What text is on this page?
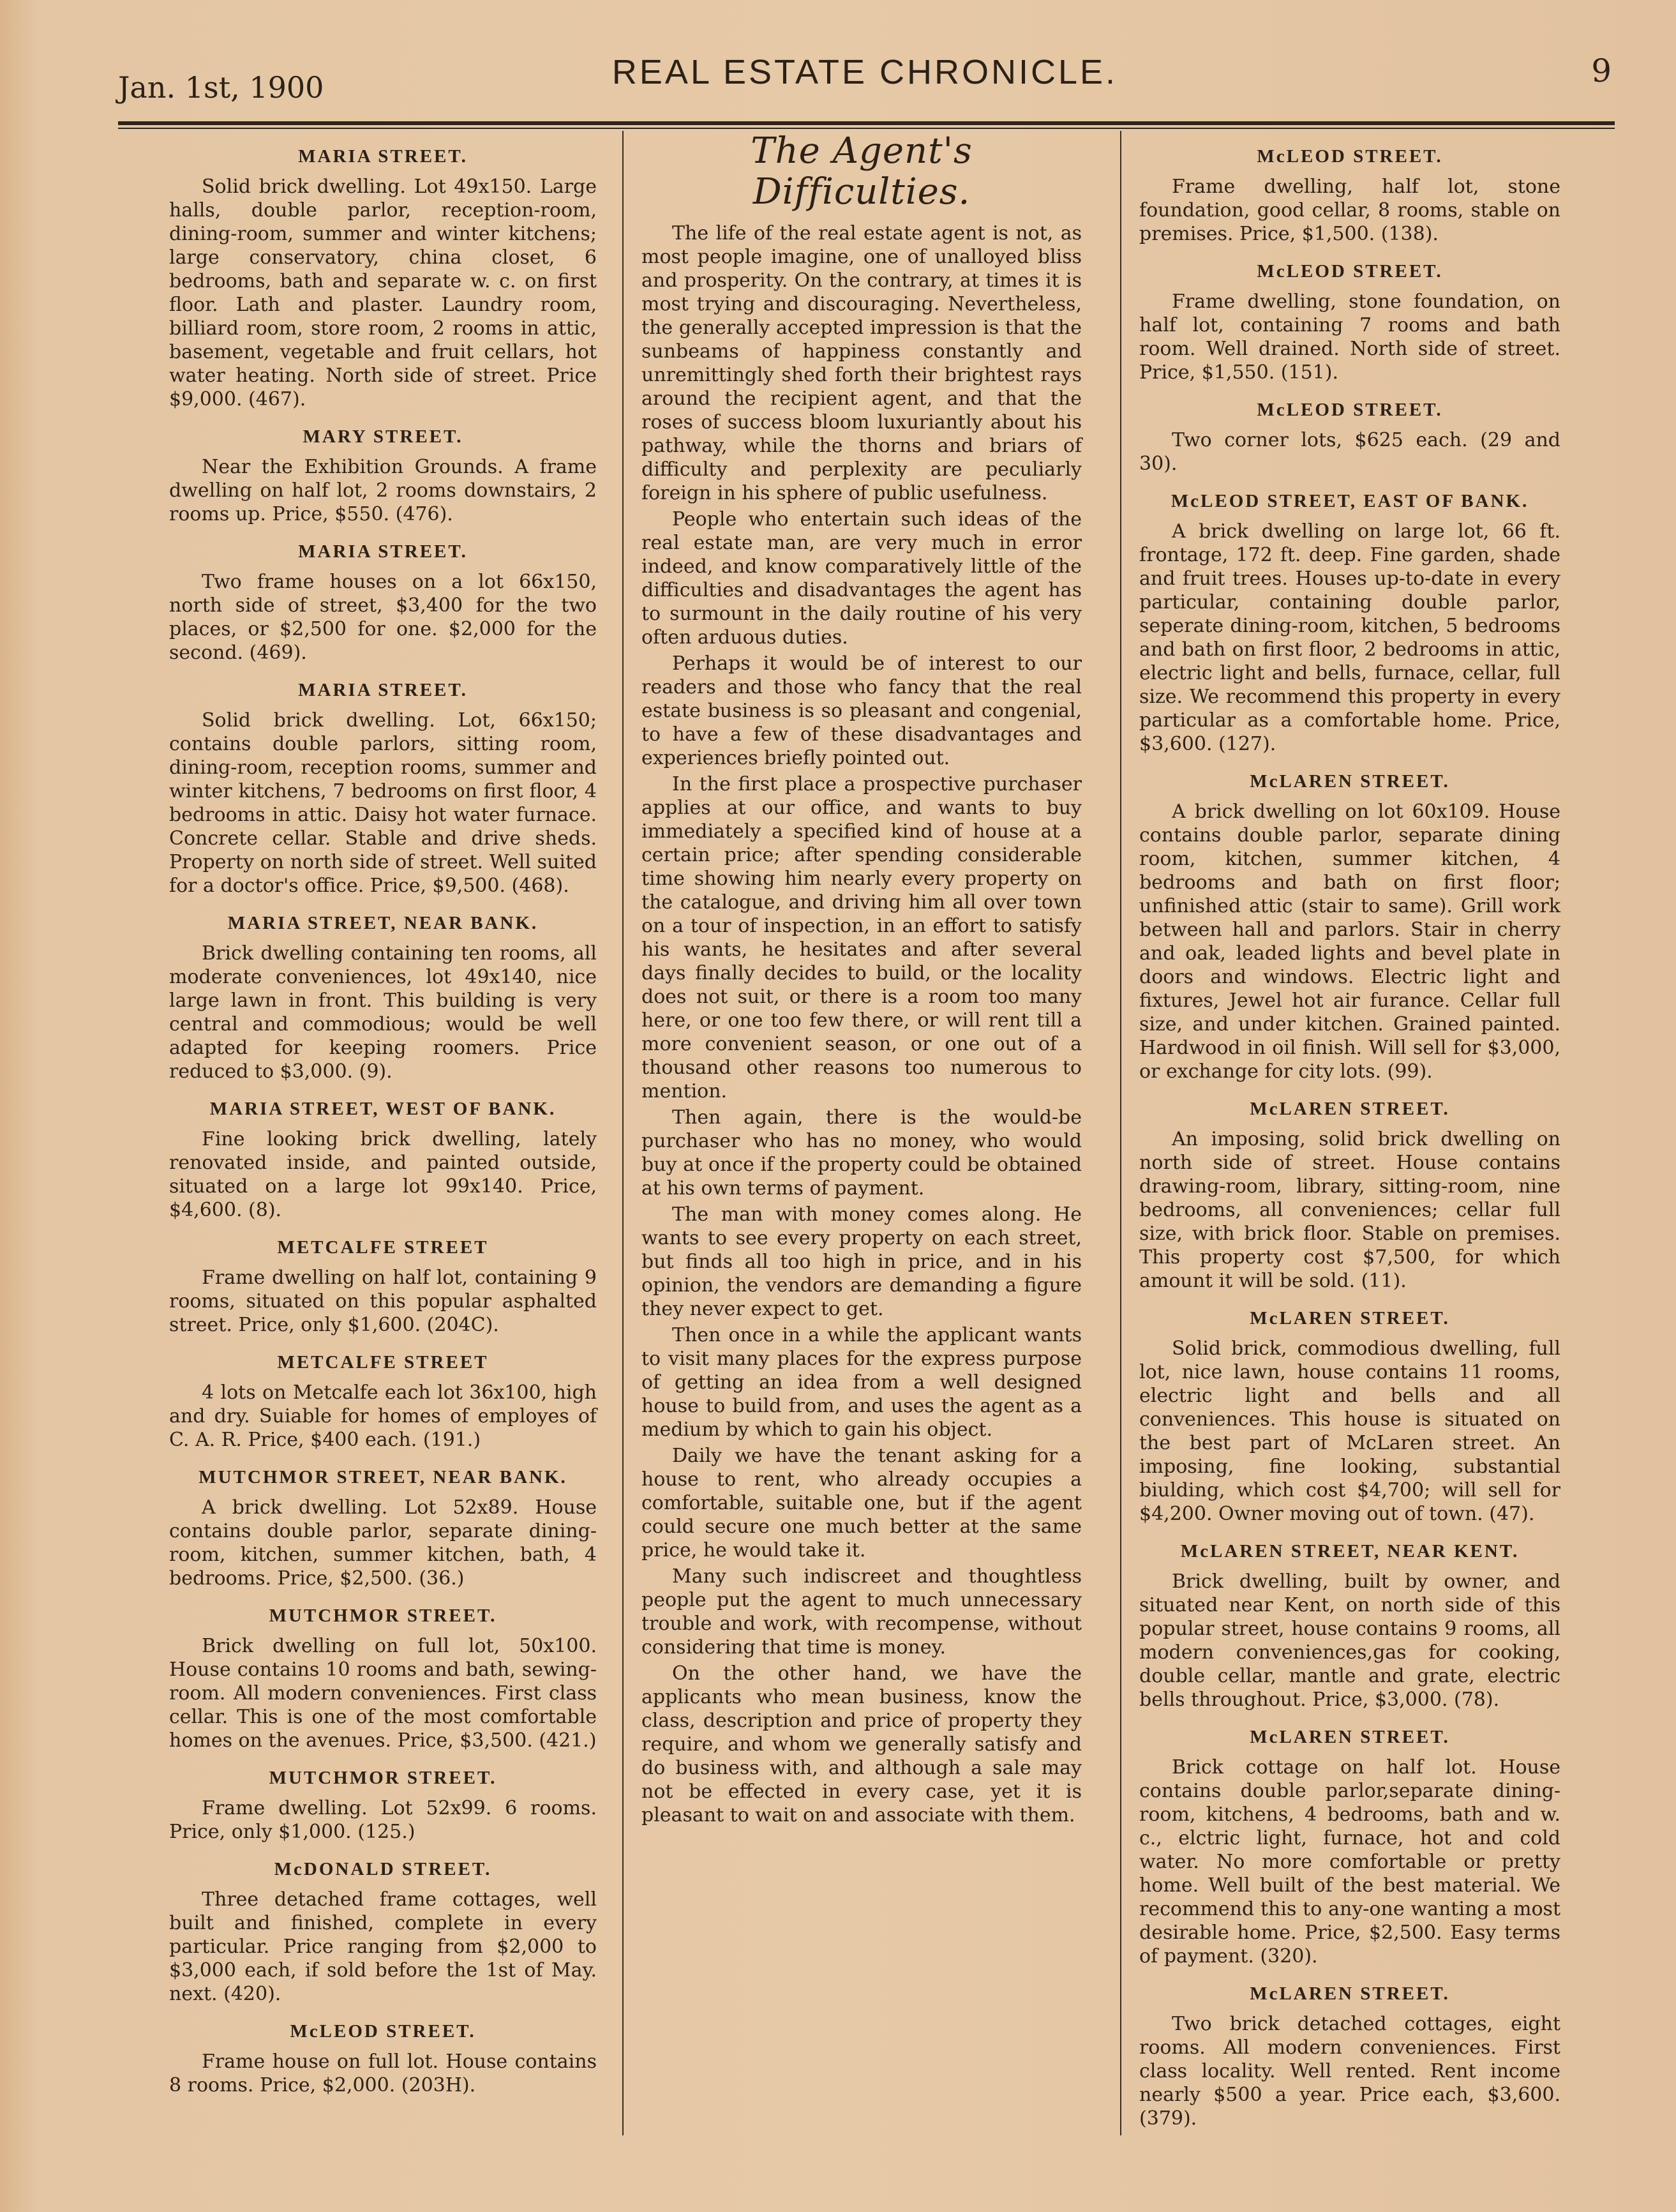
Jan. 1st, 1900	REAL ESTATE CHRONICLE.	9
MARIA STREET.

Solid brick dwelling. Lot 49x150. Large halls, double parlor, reception-room, dining-room, summer and winter kitchens; large conservatory, china closet, 6 bedrooms, bath and separate w. c. on first floor. Lath and plaster. Laundry room, billiard room, store room, 2 rooms in attic, basement, vegetable and fruit cellars, hot water heating. North side of street. Price $9,000. (467).

MARY STREET.

Near the Exhibition Grounds. A frame dwelling on half lot, 2 rooms downstairs, 2 rooms up. Price, $550. (476).

MARIA STREET.

Two frame houses on a lot 66x150, north side of street, $3,400 for the two places, or $2,500 for one. $2,000 for the second. (469).

MARIA STREET.

Solid brick dwelling. Lot, 66x150; contains double parlors, sitting room, dining-room, reception rooms, summer and winter kitchens, 7 bedrooms on first floor, 4 bedrooms in attic. Daisy hot water furnace. Concrete cellar. Stable and drive sheds. Property on north side of street. Well suited for a doctor's office. Price, $9,500. (468).

MARIA STREET, NEAR BANK.

Brick dwelling containing ten rooms, all moderate conveniences, lot 49x140, nice large lawn in front. This building is very central and commodious; would be well adapted for keeping roomers. Price reduced to $3,000. (9).

MARIA STREET, WEST OF BANK.

Fine looking brick dwelling, lately renovated inside, and painted outside, situated on a large lot 99x140. Price, $4,600. (8).

METCALFE STREET

Frame dwelling on half lot, containing 9 rooms, situated on this popular asphalted street. Price, only $1,600. (204C).

METCALFE STREET

4 lots on Metcalfe each lot 36x100, high and dry. Suiable for homes of employes of C. A. R. Price, $400 each. (191.)

MUTCHMOR STREET, NEAR BANK.

A brick dwelling. Lot 52x89. House contains double parlor, separate dining-room, kitchen, summer kitchen, bath, 4 bedrooms. Price, $2,500. (36.)

MUTCHMOR STREET.

Brick dwelling on full lot, 50x100. House contains 10 rooms and bath, sewing-room. All modern conveniences. First class cellar. This is one of the most comfortable homes on the avenues. Price, $3,500. (421.)

MUTCHMOR STREET.

Frame dwelling. Lot 52x99. 6 rooms. Price, only $1,000. (125.)

McDONALD STREET.

Three detached frame cottages, well built and finished, complete in every particular. Price ranging from $2,000 to $3,000 each, if sold before the 1st of May. next. (420).

McLEOD STREET.

Frame house on full lot. House contains 8 rooms. Price, $2,000. (203H).

The Agent's Difficulties.

The life of the real estate agent is not, as most people imagine, one of unalloyed bliss and prosperity. On the contrary, at times it is most trying and discouraging. Nevertheless, the generally accepted impression is that the sunbeams of happiness constantly and unremittingly shed forth their brightest rays around the recipient agent, and that the roses of success bloom luxuriantly about his pathway, while the thorns and briars of difficulty and perplexity are peculiarly foreign in his sphere of public usefulness.

People who entertain such ideas of the real estate man, are very much in error indeed, and know comparatively little of the difficulties and disadvantages the agent has to surmount in the daily routine of his very often arduous duties.

Perhaps it would be of interest to our readers and those who fancy that the real estate business is so pleasant and congenial, to have a few of these disadvantages and experiences briefly pointed out.

In the first place a prospective purchaser applies at our office, and wants to buy immediately a specified kind of house at a certain price; after spending considerable time showing him nearly every property on the catalogue, and driving him all over town on a tour of inspection, in an effort to satisfy his wants, he hesitates and after several days finally decides to build, or the locality does not suit, or there is a room too many here, or one too few there, or will rent till a more convenient season, or one out of a thousand other reasons too numerous to mention.

Then again, there is the would-be purchaser who has no money, who would buy at once if the property could be obtained at his own terms of payment.

The man with money comes along. He wants to see every property on each street, but finds all too high in price, and in his opinion, the vendors are demanding a figure they never expect to get.

Then once in a while the applicant wants to visit many places for the express purpose of getting an idea from a well designed house to build from, and uses the agent as a medium by which to gain his object.

Daily we have the tenant asking for a house to rent, who already occupies a comfortable, suitable one, but if the agent could secure one much better at the same price, he would take it.

Many such indiscreet and thoughtless people put the agent to much unnecessary trouble and work, with recompense, without considering that time is money.

On the other hand, we have the applicants who mean business, know the class, description and price of property they require, and whom we generally satisfy and do business with, and although a sale may not be effected in every case, yet it is pleasant to wait on and associate with them.

McLEOD STREET.

Frame dwelling, half lot, stone foundation, good cellar, 8 rooms, stable on premises. Price, $1,500. (138).

McLEOD STREET.

Frame dwelling, stone foundation, on half lot, containing 7 rooms and bath room. Well drained. North side of street. Price, $1,550. (151).

McLEOD STREET.

Two corner lots, $625 each. (29 and 30).

McLEOD STREET, EAST OF BANK.

A brick dwelling on large lot, 66 ft. frontage, 172 ft. deep. Fine garden, shade and fruit trees. Houses up-to-date in every particular, containing double parlor, seperate dining-room, kitchen, 5 bedrooms and bath on first floor, 2 bedrooms in attic, electric light and bells, furnace, cellar, full size. We recommend this property in every particular as a comfortable home. Price, $3,600. (127).

McLAREN STREET.

A brick dwelling on lot 60x109. House contains double parlor, separate dining room, kitchen, summer kitchen, 4 bedrooms and bath on first floor; unfinished attic (stair to same). Grill work between hall and parlors. Stair in cherry and oak, leaded lights and bevel plate in doors and windows. Electric light and fixtures, Jewel hot air furance. Cellar full size, and under kitchen. Grained painted. Hardwood in oil finish. Will sell for $3,000, or exchange for city lots. (99).

McLAREN STREET.

An imposing, solid brick dwelling on north side of street. House contains drawing-room, library, sitting-room, nine bedrooms, all conveniences; cellar full size, with brick floor. Stable on premises. This property cost $7,500, for which amount it will be sold. (11).

McLAREN STREET.

Solid brick, commodious dwelling, full lot, nice lawn, house contains 11 rooms, electric light and bells and all conveniences. This house is situated on the best part of McLaren street. An imposing, fine looking, substantial biulding, which cost $4,700; will sell for $4,200. Owner moving out of town. (47).

McLAREN STREET, NEAR KENT.

Brick dwelling, built by owner, and situated near Kent, on north side of this popular street, house contains 9 rooms, all modern conveniences,gas for cooking, double cellar, mantle and grate, electric bells throughout. Price, $3,000. (78).

McLAREN STREET.

Brick cottage on half lot. House contains double parlor,separate dining-room, kitchens, 4 bedrooms, bath and w. c., elctric light, furnace, hot and cold water. No more comfortable or pretty home. Well built of the best material. We recommend this to any-one wanting a most desirable home. Price, $2,500. Easy terms of payment. (320).

McLAREN STREET.

Two brick detached cottages, eight rooms. All modern conveniences. First class locality. Well rented. Rent income nearly $500 a year. Price each, $3,600. (379).
